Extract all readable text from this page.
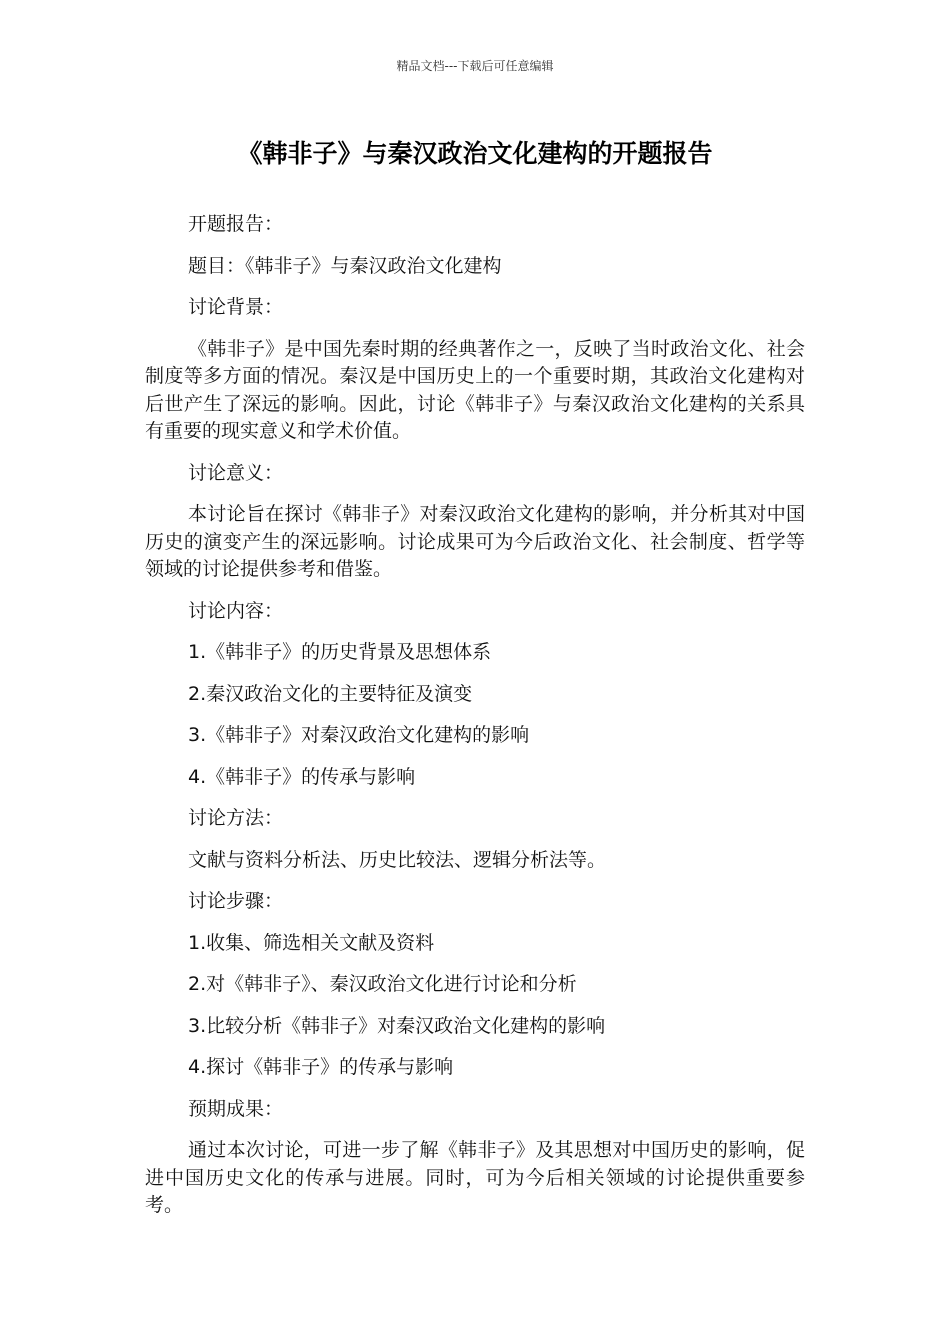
精品文档---下载后可任意编辑
《韩非子》与秦汉政治文化建构的开题报告
开题报告：
题目：《韩非子》与秦汉政治文化建构
讨论背景：
《韩非子》是中国先秦时期的经典著作之一，反映了当时政治文化、社会制度等多方面的情况。秦汉是中国历史上的一个重要时期，其政治文化建构对后世产生了深远的影响。因此，讨论《韩非子》与秦汉政治文化建构的关系具有重要的现实意义和学术价值。
讨论意义：
本讨论旨在探讨《韩非子》对秦汉政治文化建构的影响，并分析其对中国历史的演变产生的深远影响。讨论成果可为今后政治文化、社会制度、哲学等领域的讨论提供参考和借鉴。
讨论内容：
1.《韩非子》的历史背景及思想体系
2.秦汉政治文化的主要特征及演变
3.《韩非子》对秦汉政治文化建构的影响
4.《韩非子》的传承与影响
讨论方法：
文献与资料分析法、历史比较法、逻辑分析法等。
讨论步骤：
1.收集、筛选相关文献及资料
2.对《韩非子》、秦汉政治文化进行讨论和分析
3.比较分析《韩非子》对秦汉政治文化建构的影响
4.探讨《韩非子》的传承与影响
预期成果：
通过本次讨论，可进一步了解《韩非子》及其思想对中国历史的影响，促进中国历史文化的传承与进展。同时，可为今后相关领域的讨论提供重要参考。
